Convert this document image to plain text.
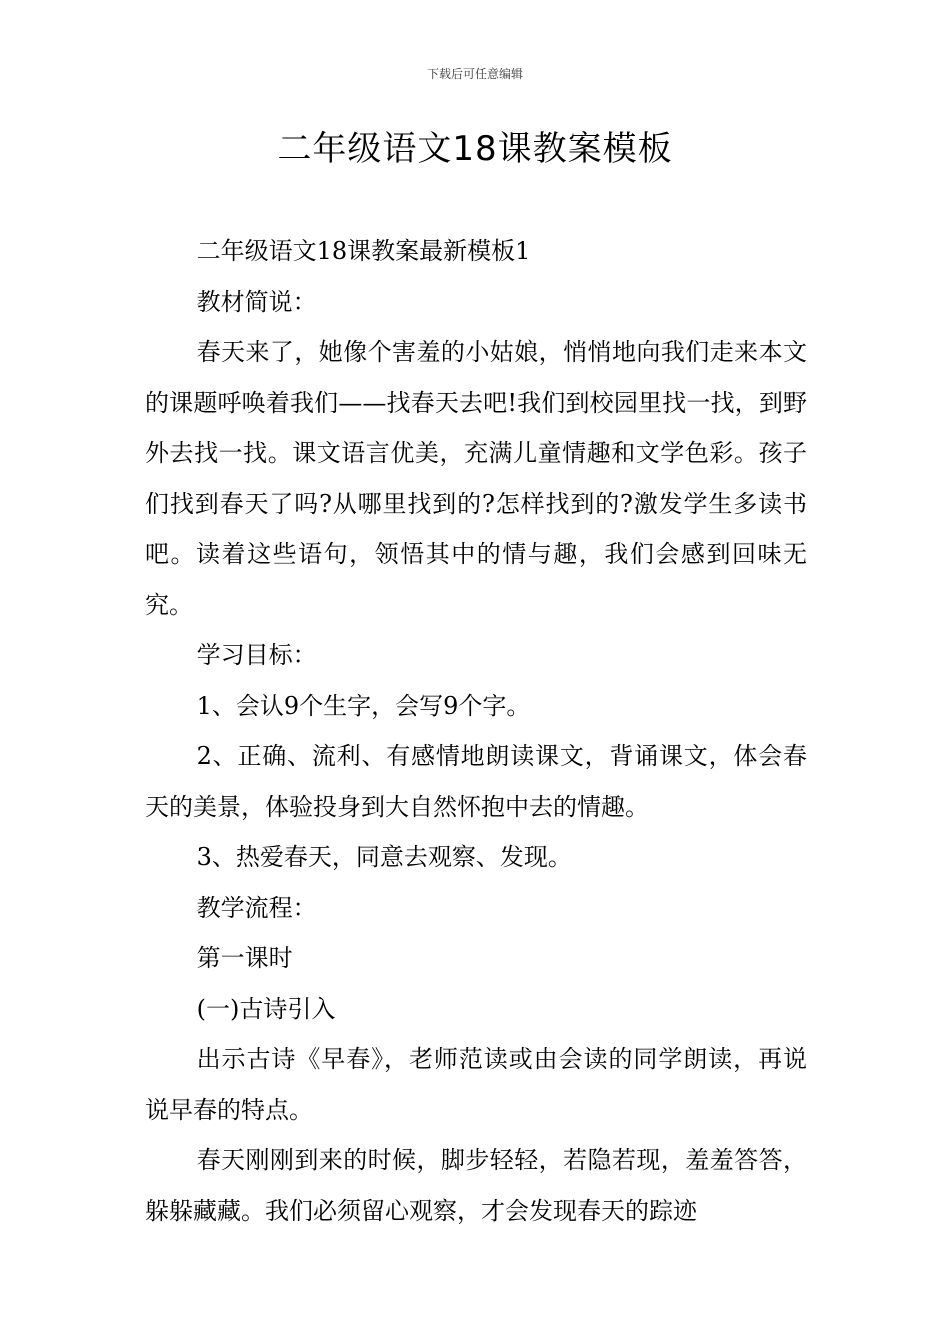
下载后可任意编辑
二年级语文18课教案模板

二年级语文18课教案最新模板1

教材简说：

春天来了，她像个害羞的小姑娘，悄悄地向我们走来本文的课题呼唤着我们——找春天去吧!我们到校园里找一找，到野外去找一找。课文语言优美，充满儿童情趣和文学色彩。孩子们找到春天了吗?从哪里找到的?怎样找到的?激发学生多读书吧。读着这些语句，领悟其中的情与趣，我们会感到回味无究。

学习目标：

1、会认9个生字，会写9个字。

2、正确、流利、有感情地朗读课文，背诵课文，体会春天的美景，体验投身到大自然怀抱中去的情趣。

3、热爱春天，同意去观察、发现。

教学流程：

第一课时

(一)古诗引入

出示古诗《早春》，老师范读或由会读的同学朗读，再说说早春的特点。

春天刚刚到来的时候，脚步轻轻，若隐若现，羞羞答答，躲躲藏藏。我们必须留心观察，才会发现春天的踪迹
